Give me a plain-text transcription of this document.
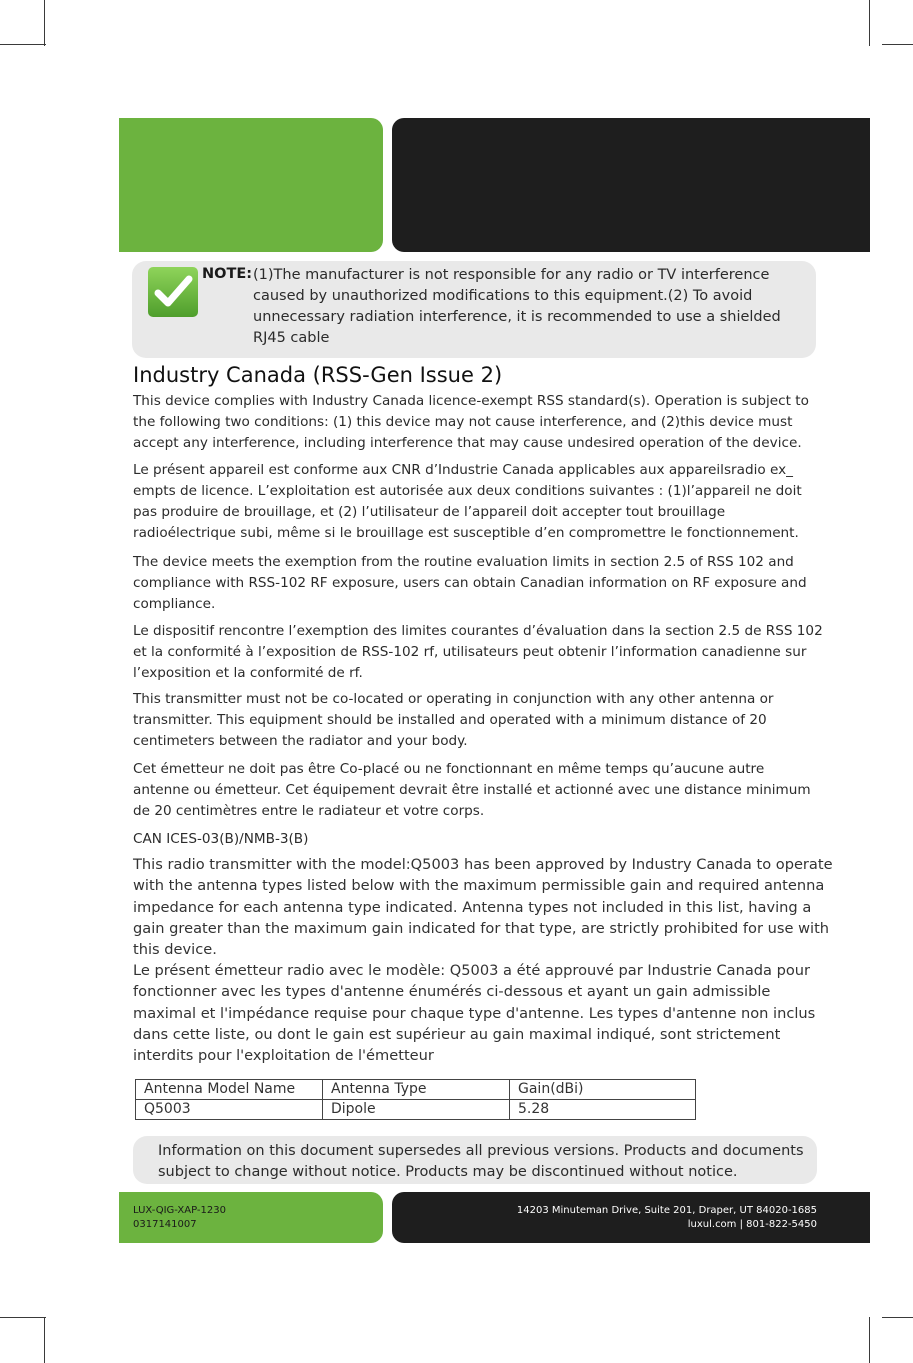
NOTE: (1)The manufacturer is not responsible for any radio or TV interference
caused by unauthorized modifications to this equipment.(2) To avoid
unnecessary radiation interference, it is recommended to use a shielded
RJ45 cable
Industry Canada (RSS-Gen Issue 2)
This device complies with Industry Canada licence-exempt RSS standard(s). Operation is subject to the following two conditions: (1) this device may not cause interference, and (2)this device must accept any interference, including interference that may cause undesired operation of the device.
Le présent appareil est conforme aux CNR d’Industrie Canada applicables aux appareilsradio ex_ empts de licence. L’exploitation est autorisée aux deux conditions suivantes : (1)l’appareil ne doit pas produire de brouillage, et (2) l’utilisateur de l’appareil doit accepter tout brouillage radioélectrique subi, même si le brouillage est susceptible d’en compromettre le fonctionnement.
The device meets the exemption from the routine evaluation limits in section 2.5 of RSS 102 and compliance with RSS-102 RF exposure, users can obtain Canadian information on RF exposure and compliance.
Le dispositif rencontre l’exemption des limites courantes d’évaluation dans la section 2.5 de RSS 102 et la conformité à l’exposition de RSS-102 rf, utilisateurs peut obtenir l’information canadienne sur l’exposition et la conformité de rf.
This transmitter must not be co-located or operating in conjunction with any other antenna or transmitter. This equipment should be installed and operated with a minimum distance of 20 centimeters between the radiator and your body.
Cet émetteur ne doit pas être Co-placé ou ne fonctionnant en même temps qu’aucune autre antenne ou émetteur. Cet équipement devrait être installé et actionné avec une distance minimum de 20 centimètres entre le radiateur et votre corps.
CAN ICES-03(B)/NMB-3(B)
This radio transmitter with the model:Q5003 has been approved by Industry Canada to operate with the antenna types listed below with the maximum permissible gain and required antenna impedance for each antenna type indicated. Antenna types not included in this list, having a gain greater than the maximum gain indicated for that type, are strictly prohibited for use with this device.
Le présent émetteur radio avec le modèle: Q5003 a été approuvé par Industrie Canada pour fonctionner avec les types d'antenne énumérés ci-dessous et ayant un gain admissible maximal et l'impédance requise pour chaque type d'antenne. Les types d'antenne non inclus dans cette liste, ou dont le gain est supérieur au gain maximal indiqué, sont strictement interdits pour l'exploitation de l'émetteur
Antenna Model Name	Antenna Type	Gain(dBi)
Q5003	Dipole	5.28
Information on this document supersedes all previous versions. Products and documents subject to change without notice. Products may be discontinued without notice.
LUX-QIG-XAP-1230
0317141007
14203 Minuteman Drive, Suite 201, Draper, UT 84020-1685
luxul.com | 801-822-5450
